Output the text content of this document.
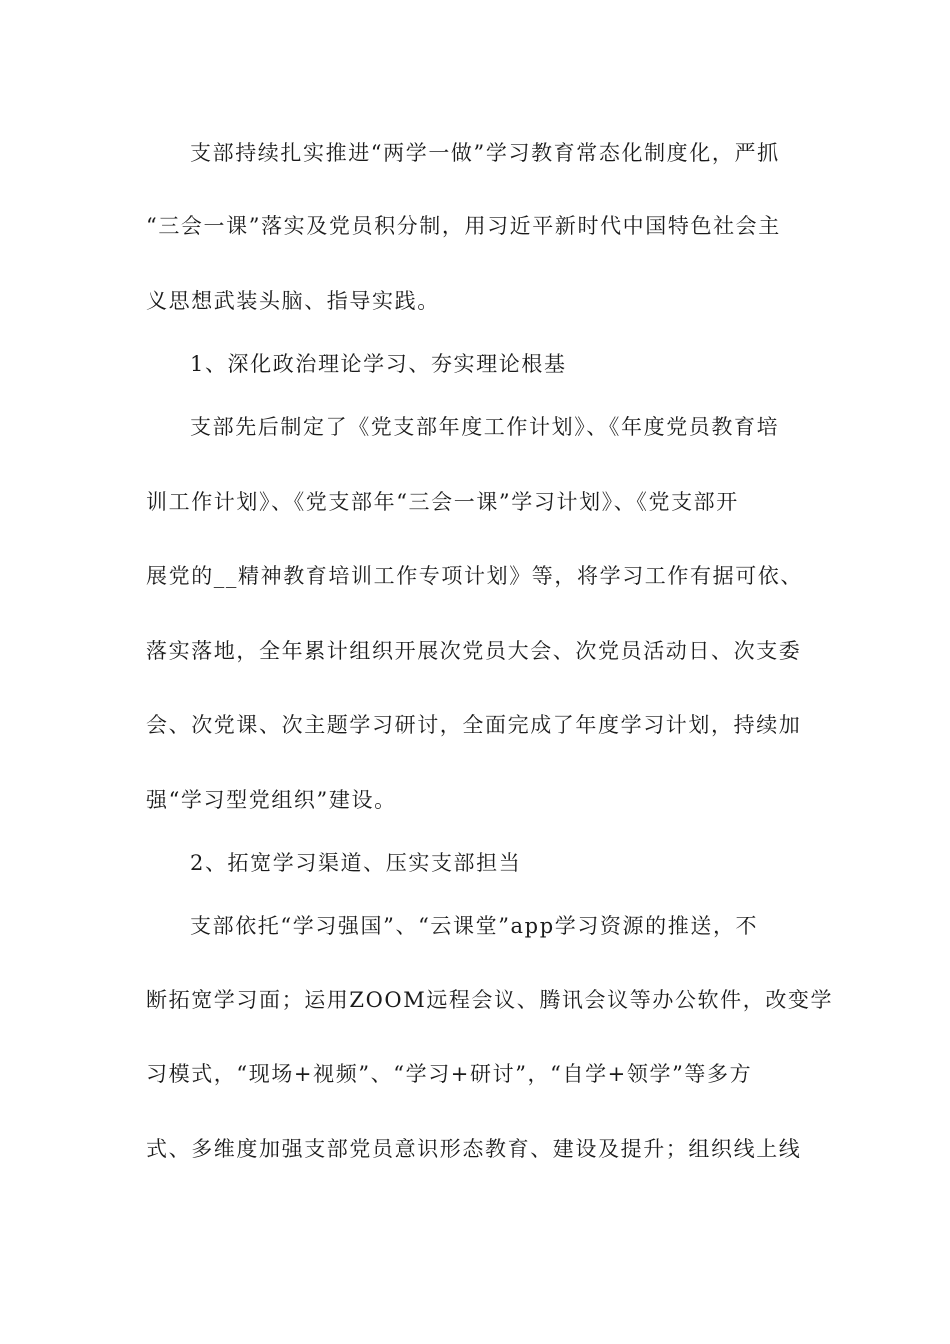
支部持续扎实推进“两学一做”学习教育常态化制度化，严抓
“三会一课”落实及党员积分制，用习近平新时代中国特色社会主
义思想武装头脑、指导实践。
1、深化政治理论学习、夯实理论根基
支部先后制定了《党支部年度工作计划》、《年度党员教育培
训工作计划》、《党支部年“三会一课”学习计划》、《党支部开
展党的__精神教育培训工作专项计划》等，将学习工作有据可依、
落实落地，全年累计组织开展次党员大会、次党员活动日、次支委
会、次党课、次主题学习研讨，全面完成了年度学习计划，持续加
强“学习型党组织”建设。
2、拓宽学习渠道、压实支部担当
支部依托“学习强国”、“云课堂”app学习资源的推送，不
断拓宽学习面；运用ZOOM远程会议、腾讯会议等办公软件，改变学
习模式，“现场+视频”、“学习+研讨”，“自学+领学”等多方
式、多维度加强支部党员意识形态教育、建设及提升；组织线上线
